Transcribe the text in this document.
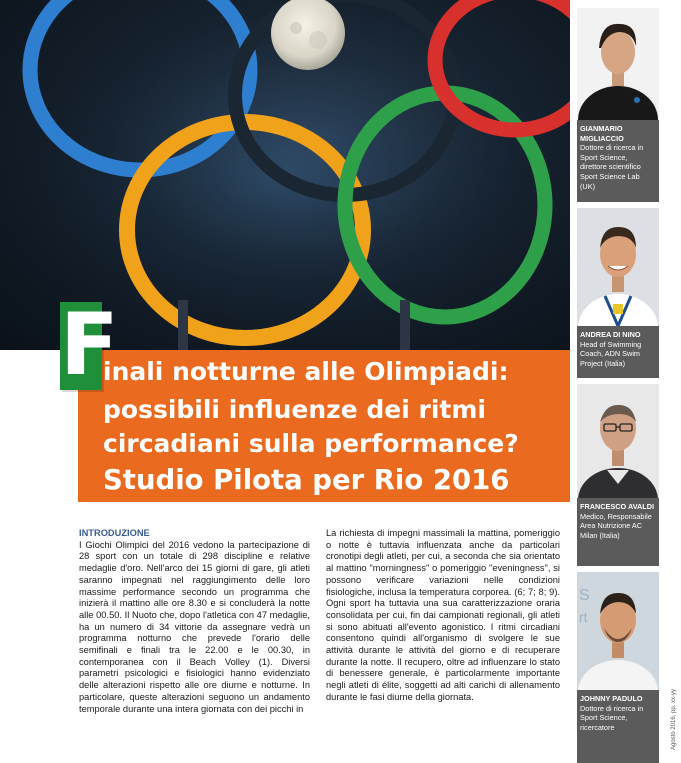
GIANMARIO MIGLIACCIO
Dottore di ricerca in Sport Science, direttore scientifico Sport Science Lab (UK)
ANDREA DI NINO
Head of Swimming Coach, ADN Swim Project (Italia)
FRANCESCO AVALDI
Medico, Responsabile Area Nutrizione AC Milan (Italia)
S
rt
JOHNNY PADULO
Dottore di ricerca in Sport Science, ricercatore	Agosto 2016, pp. xx-yy
F
inali notturne alle Olimpiadi:
possibili influenze dei ritmi
circadiani sulla performance?
Studio Pilota per Rio 2016
INTRODUZIONE
I Giochi Olimpici del 2016 vedono la partecipazione di 28 sport con un totale di 298 discipline e relative medaglie d'oro. Nell'arco dei 15 giorni di gare, gli atleti saranno impegnati nel raggiungimento delle loro massime performance secondo un programma che inizierà il mattino alle ore 8.30 e si concluderà la notte alle 00.50. Il Nuoto che, dopo l'atletica con 47 medaglie, ha un numero di 34 vittorie da assegnare vedrà un programma notturno che prevede l'orario delle semifinali e finali tra le 22.00 e le 00.30, in contemporanea con il Beach Volley (1). Diversi parametri psicologici e fisiologici hanno evidenziato delle alterazioni rispetto alle ore diurne e notturne. In particolare, queste alterazioni seguono un andamento temporale durante una intera giornata con dei picchi in
La richiesta di impegni massimali la mattina, pomeriggio o notte è tuttavia influenzata anche da particolari cronotipi degli atleti, per cui, a seconda che sia orientato al mattino "morningness" o pomeriggio "eveningness", si possono verificare variazioni nelle condizioni fisiologiche, inclusa la temperatura corporea. (6; 7; 8; 9). Ogni sport ha tuttavia una sua caratterizzazione oraria consolidata per cui, fin dai campionati regionali, gli atleti si sono abituati all'evento agonistico. I ritmi circadiani consentono quindi all'organismo di svolgere le sue attività durante le attività del giorno e di recuperare durante la notte. Il recupero, oltre ad influenzare lo stato di benessere generale, è particolarmente importante negli atleti di élite, soggetti ad alti carichi di allenamento durante le fasi diurne della giornata.
